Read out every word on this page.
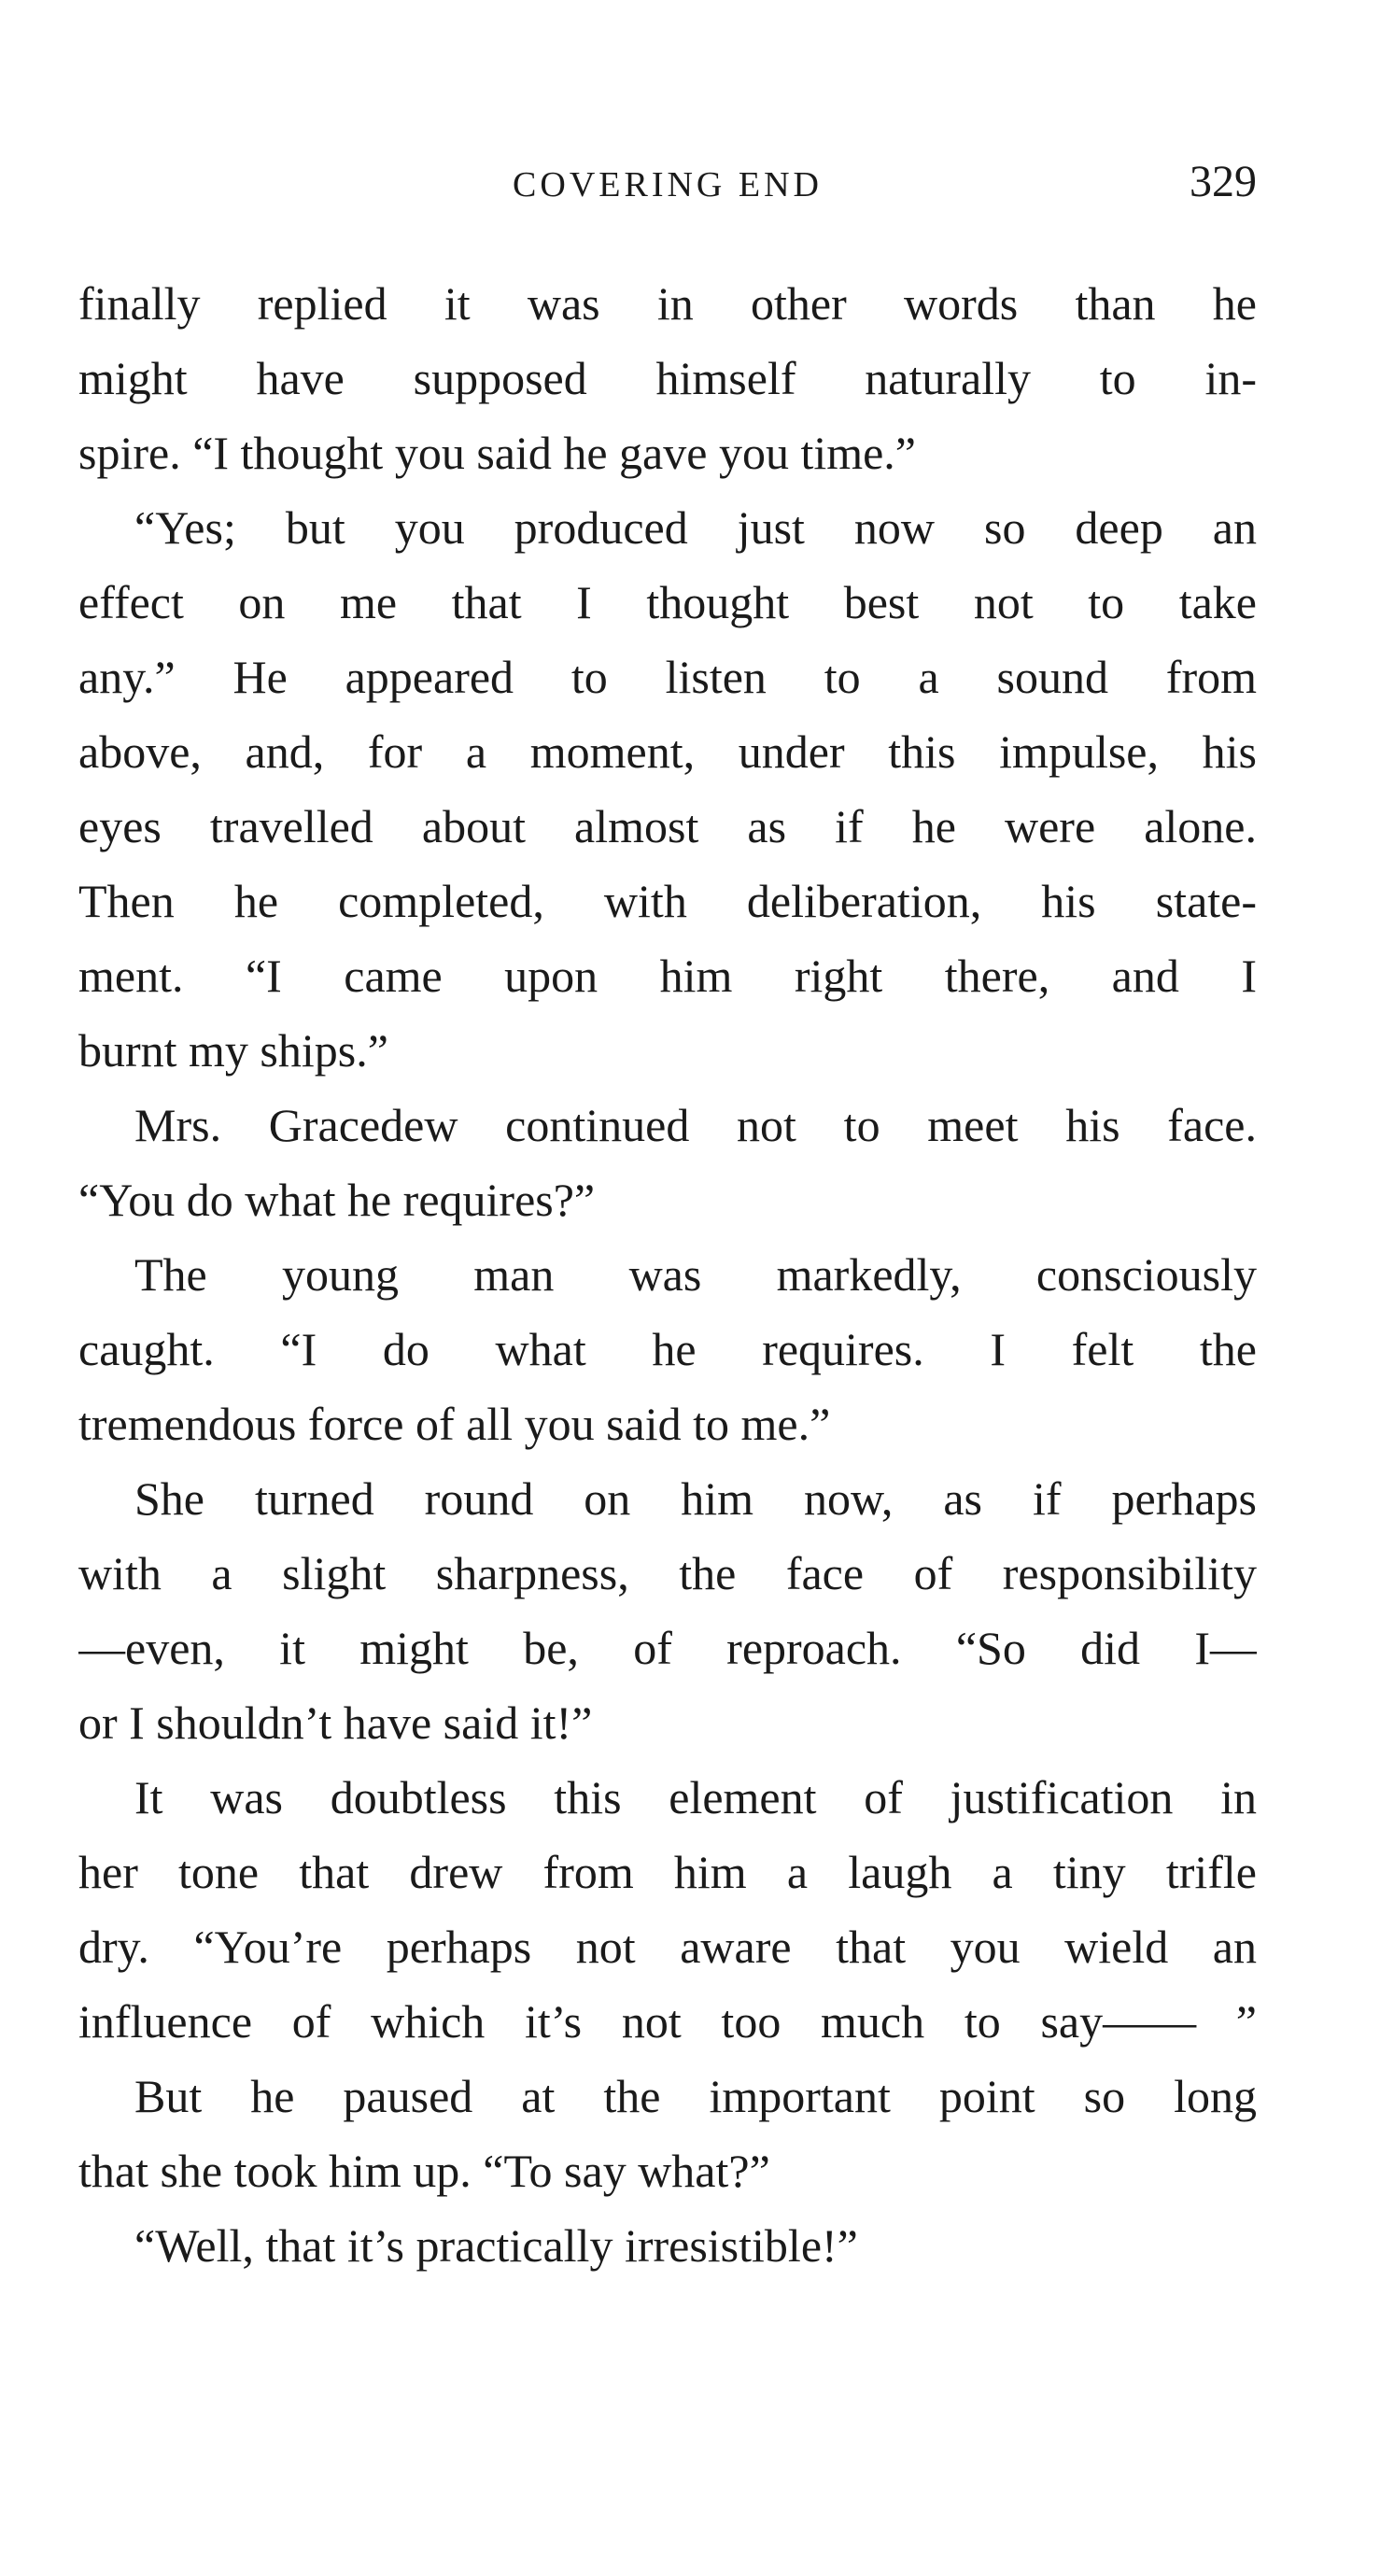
COVERING END	329
finally replied it was in other words than he
might have supposed himself naturally to in-
spire. “I thought you said he gave you time.”
“Yes; but you produced just now so deep an
effect on me that I thought best not to take
any.” He appeared to listen to a sound from
above, and, for a moment, under this impulse, his
eyes travelled about almost as if he were alone.
Then he completed, with deliberation, his state-
ment. “I came upon him right there, and I
burnt my ships.”
Mrs. Gracedew continued not to meet his face.
“You do what he requires?”
The young man was markedly, consciously
caught. “I do what he requires. I felt the
tremendous force of all you said to me.”
She turned round on him now, as if perhaps
with a slight sharpness, the face of responsibility
—even, it might be, of reproach. “So did I—
or I shouldn’t have said it!”
It was doubtless this element of justification in
her tone that drew from him a laugh a tiny trifle
dry. “You’re perhaps not aware that you wield an
influence of which it’s not too much to say—— ”
But he paused at the important point so long
that she took him up. “To say what?”
“Well, that it’s practically irresistible!”
